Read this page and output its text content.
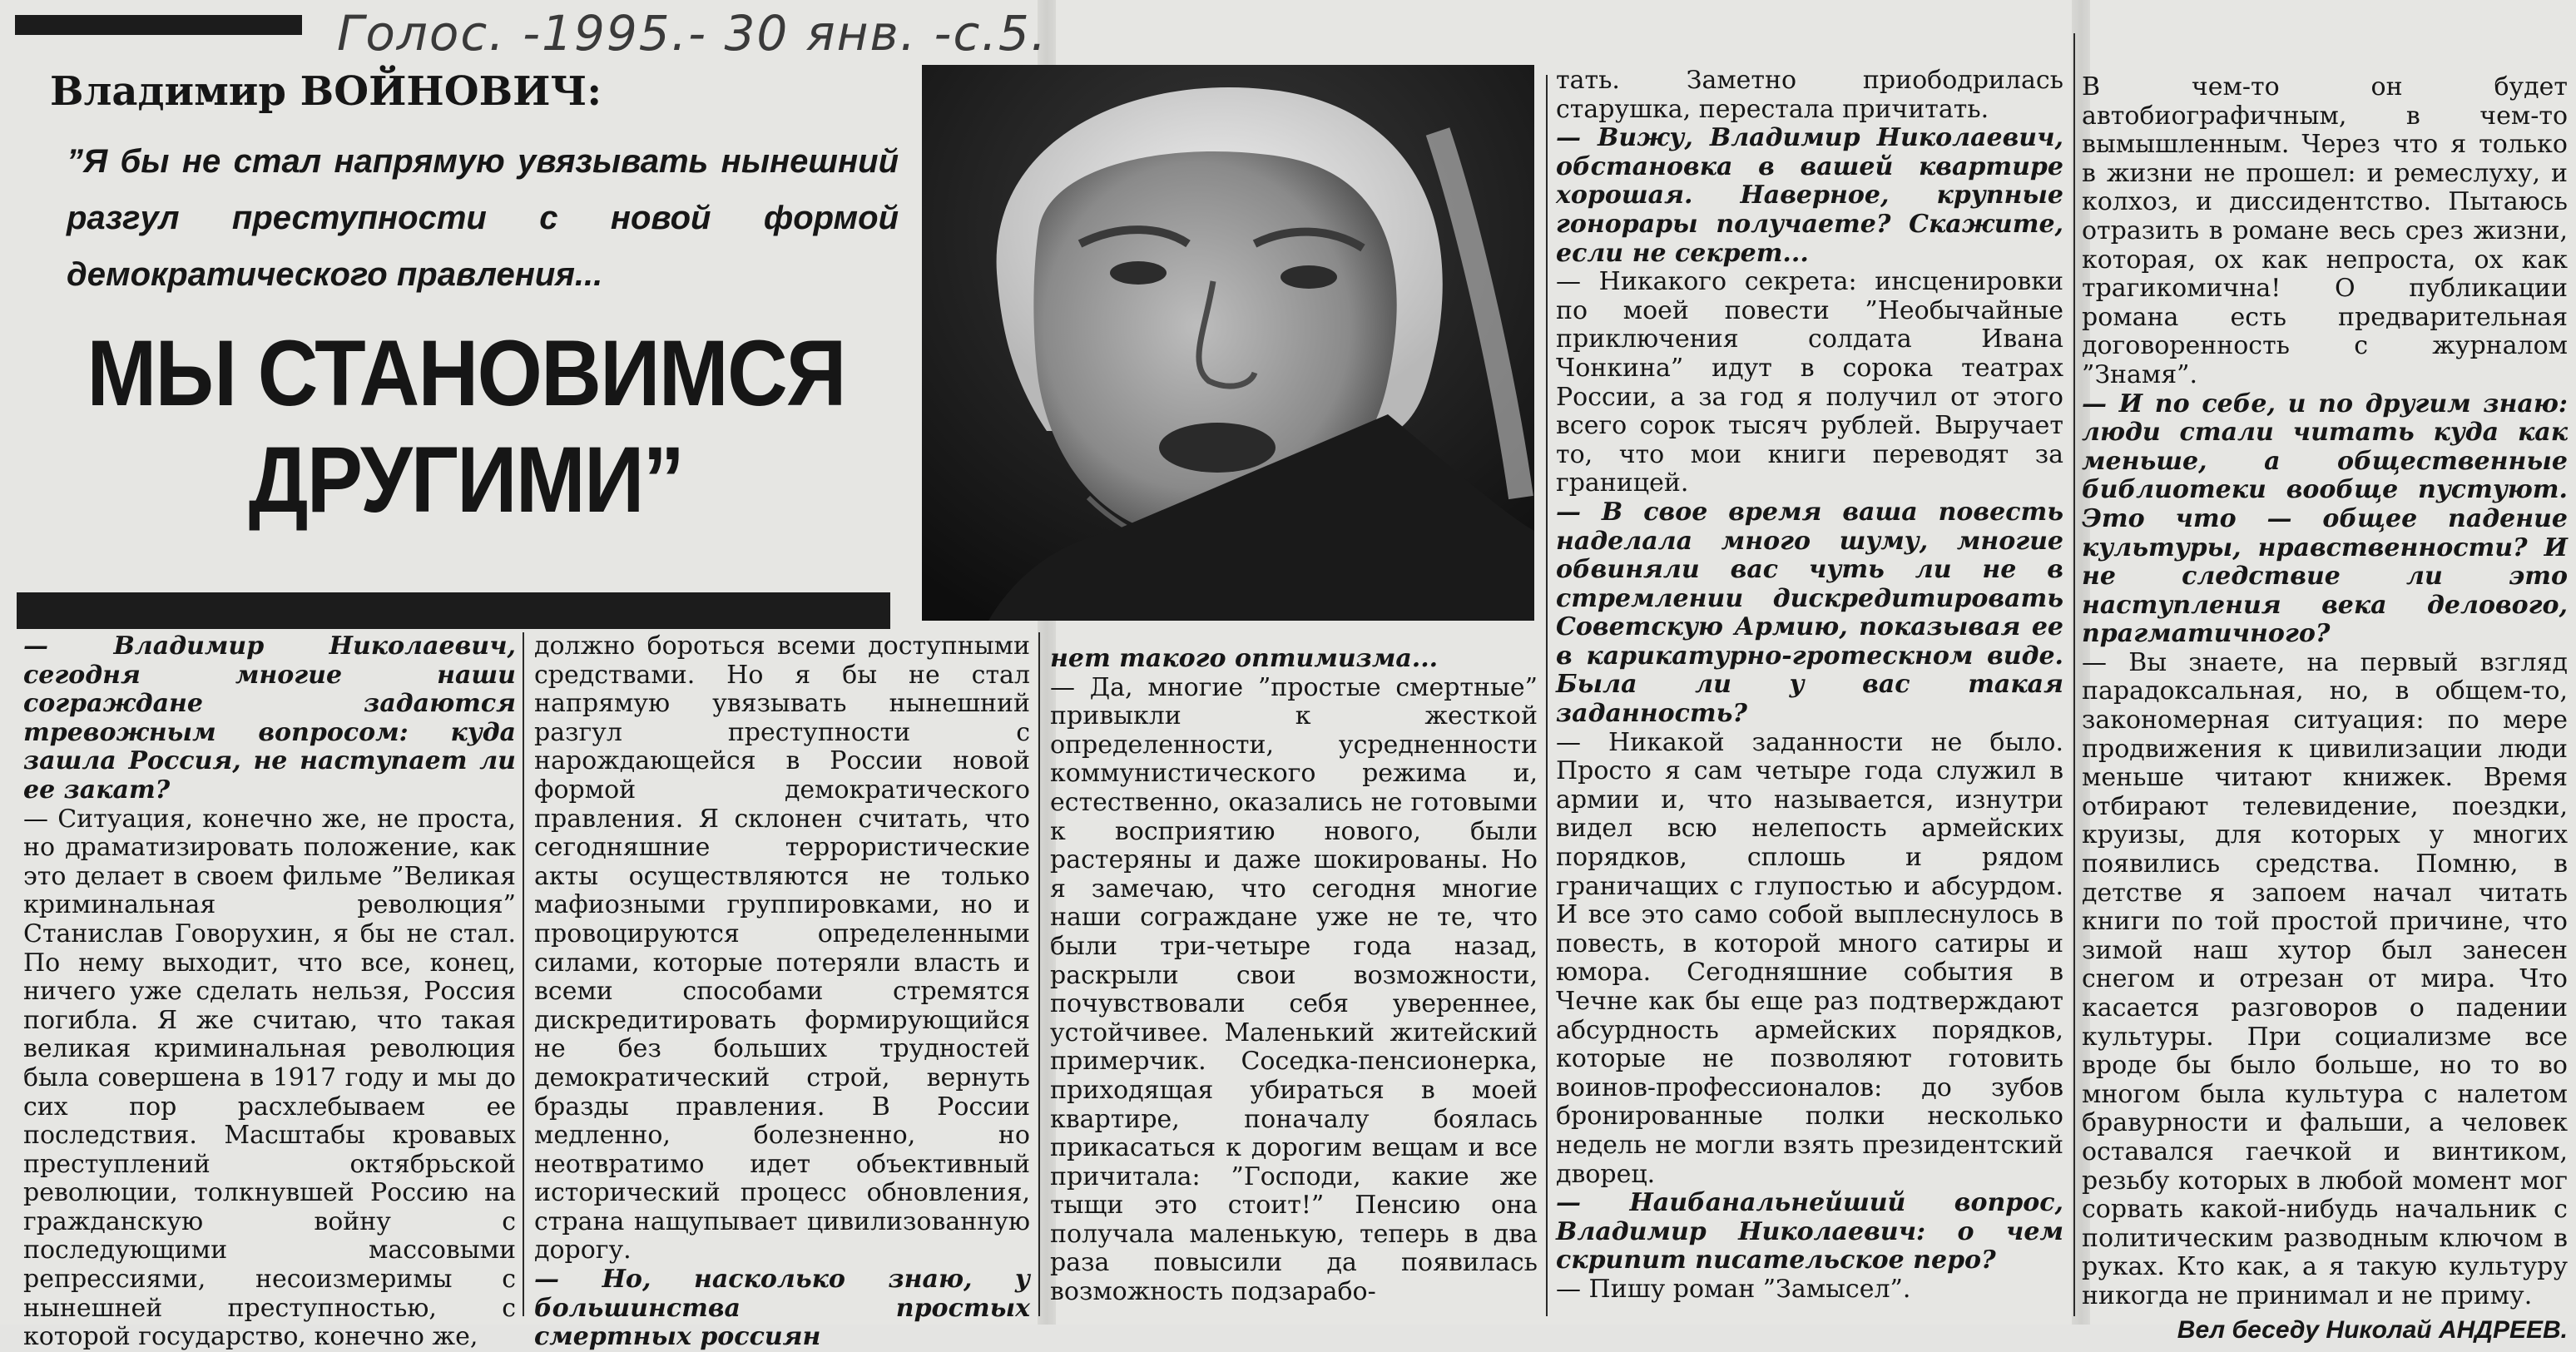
Голос. -1995.- 30 янв. -с.5.
Владимир ВОЙНОВИЧ:
”Я бы не стал напрямую увязывать нынешний разгул преступности с новой формой демократического правления...
МЫ СТАНОВИМСЯ ДРУГИМИ”

— Владимир Николаевич, сегодня многие наши сограждане задаются тревожным вопросом: куда зашла Россия, не наступает ли ее закат?

— Ситуация, конечно же, не проста, но драматизировать положение, как это делает в своем фильме ”Великая криминальная революция” Станислав Говорухин, я бы не стал. По нему выходит, что все, конец, ничего уже сделать нельзя, Россия погибла. Я же считаю, что такая великая криминальная революция была совершена в 1917 году и мы до сих пор расхлебываем ее последствия. Масштабы кровавых преступлений октябрьской революции, толкнувшей Россию на гражданскую войну с последующими массовыми репрессиями, несоизмеримы с нынешней преступностью, с которой государство, конечно же,

должно бороться всеми доступными средствами. Но я бы не стал напрямую увязывать нынешний разгул преступности с нарождающейся в России новой формой демократического правления. Я склонен считать, что сегодняшние террористические акты осуществляются не только мафиозными группировками, но и провоцируются определенными силами, которые потеряли власть и всеми способами стремятся дискредитировать формирующийся не без больших трудностей демократический строй, вернуть бразды правления. В России медленно, болезненно, но неотвратимо идет объективный исторический процесс обновления, страна нащупывает цивилизованную дорогу.

— Но, насколько знаю, у большинства простых смертных россиян

нет такого оптимизма...

— Да, многие ”простые смертные” привыкли к жесткой определенности, усредненности коммунистического режима и, естественно, оказались не готовыми к восприятию нового, были растеряны и даже шокированы. Но я замечаю, что сегодня многие наши сограждане уже не те, что были три-четыре года назад, раскрыли свои возможности, почувствовали себя увереннее, устойчивее. Маленький житейский примерчик. Соседка-пенсионерка, приходящая убираться в моей квартире, поначалу боялась прикасаться к дорогим вещам и все причитала: ”Господи, какие же тыщи это стоит!” Пенсию она получала маленькую, теперь в два раза повысили да появилась возможность подзарабо-

тать. Заметно приободрилась старушка, перестала причитать.

— Вижу, Владимир Николаевич, обстановка в вашей квартире хорошая. Наверное, крупные гонорары получаете? Скажите, если не секрет...

— Никакого секрета: инсценировки по моей повести ”Необычайные приключения солдата Ивана Чонкина” идут в сорока театрах России, а за год я получил от этого всего сорок тысяч рублей. Выручает то, что мои книги переводят за границей.

— В свое время ваша повесть наделала много шуму, многие обвиняли вас чуть ли не в стремлении дискредитировать Советскую Армию, показывая ее в карикатурно-гротескном виде. Была ли у вас такая заданность?

— Никакой заданности не было. Просто я сам четыре года служил в армии и, что называется, изнутри видел всю нелепость армейских порядков, сплошь и рядом граничащих с глупостью и абсурдом. И все это само собой выплеснулось в повесть, в которой много сатиры и юмора. Сегодняшние события в Чечне как бы еще раз подтверждают абсурдность армейских порядков, которые не позволяют готовить воинов-профессионалов: до зубов бронированные полки несколько недель не могли взять президентский дворец.

— Наибанальнейший вопрос, Владимир Николаевич: о чем скрипит писательское перо?

— Пишу роман ”Замысел”.

В чем-то он будет автобиографичным, в чем-то вымышленным. Через что я только в жизни не прошел: и ремеслуху, и колхоз, и диссидентство. Пытаюсь отразить в романе весь срез жизни, которая, ох как непроста, ох как трагикомична! О публикации романа есть предварительная договоренность с журналом ”Знамя”.

— И по себе, и по другим знаю: люди стали читать куда как меньше, а общественные библиотеки вообще пустуют. Это что — общее падение культуры, нравственности? И не следствие ли это наступления века делового, прагматичного?

— Вы знаете, на первый взгляд парадоксальная, но, в общем-то, закономерная ситуация: по мере продвижения к цивилизации люди меньше читают книжек. Время отбирают телевидение, поездки, круизы, для которых у многих появились средства. Помню, в детстве я запоем начал читать книги по той простой причине, что зимой наш хутор был занесен снегом и отрезан от мира. Что касается разговоров о падении культуры. При социализме все вроде бы было больше, но то во многом была культура с налетом бравурности и фальши, а человек оставался гаечкой и винтиком, резьбу которых в любой момент мог сорвать какой-нибудь начальник с политическим разводным ключом в руках. Кто как, а я такую культуру никогда не принимал и не приму.

Вел беседу Николай АНДРЕЕВ.
